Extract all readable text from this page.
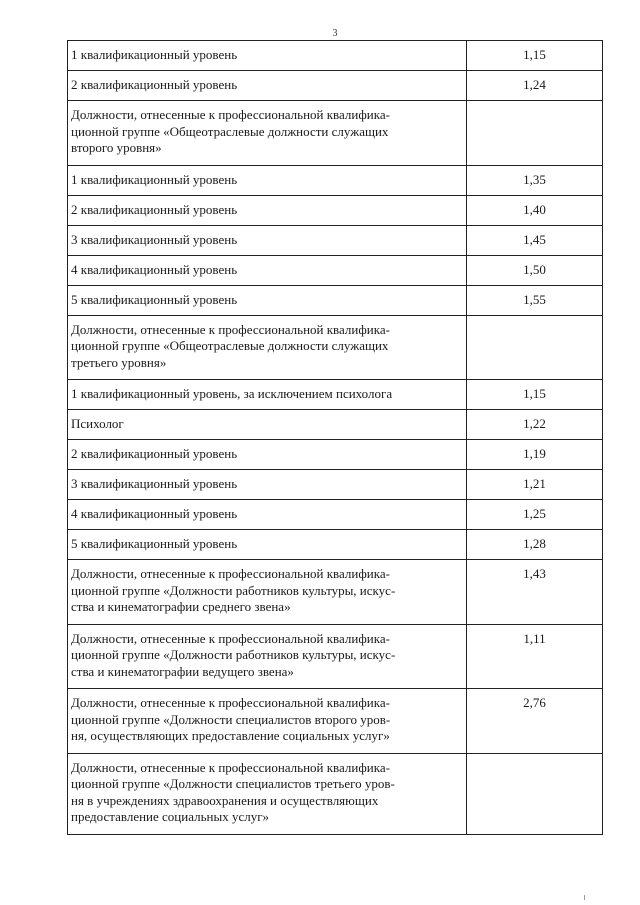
3
1 квалификационный уровень	1,15
2 квалификационный уровень	1,24
Должности, отнесенные к профессиональной квалифика-
ционной группе «Общеотраслевые должности служащих
второго уровня»	
1 квалификационный уровень	1,35
2 квалификационный уровень	1,40
3 квалификационный уровень	1,45
4 квалификационный уровень	1,50
5 квалификационный уровень	1,55
Должности, отнесенные к профессиональной квалифика-
ционной группе «Общеотраслевые должности служащих
третьего уровня»	
1 квалификационный уровень, за исключением психолога	1,15
Психолог	1,22
2 квалификационный уровень	1,19
3 квалификационный уровень	1,21
4 квалификационный уровень	1,25
5 квалификационный уровень	1,28
Должности, отнесенные к профессиональной квалифика-
ционной группе «Должности работников культуры, искус-
ства и кинематографии среднего звена»	1,43
Должности, отнесенные к профессиональной квалифика-
ционной группе «Должности работников культуры, искус-
ства и кинематографии ведущего звена»	1,11
Должности, отнесенные к профессиональной квалифика-
ционной группе «Должности специалистов второго уров-
ня, осуществляющих предоставление социальных услуг»	2,76
Должности, отнесенные к профессиональной квалифика-
ционной группе «Должности специалистов третьего уров-
ня в учреждениях здравоохранения и осуществляющих
предоставление социальных услуг»	
